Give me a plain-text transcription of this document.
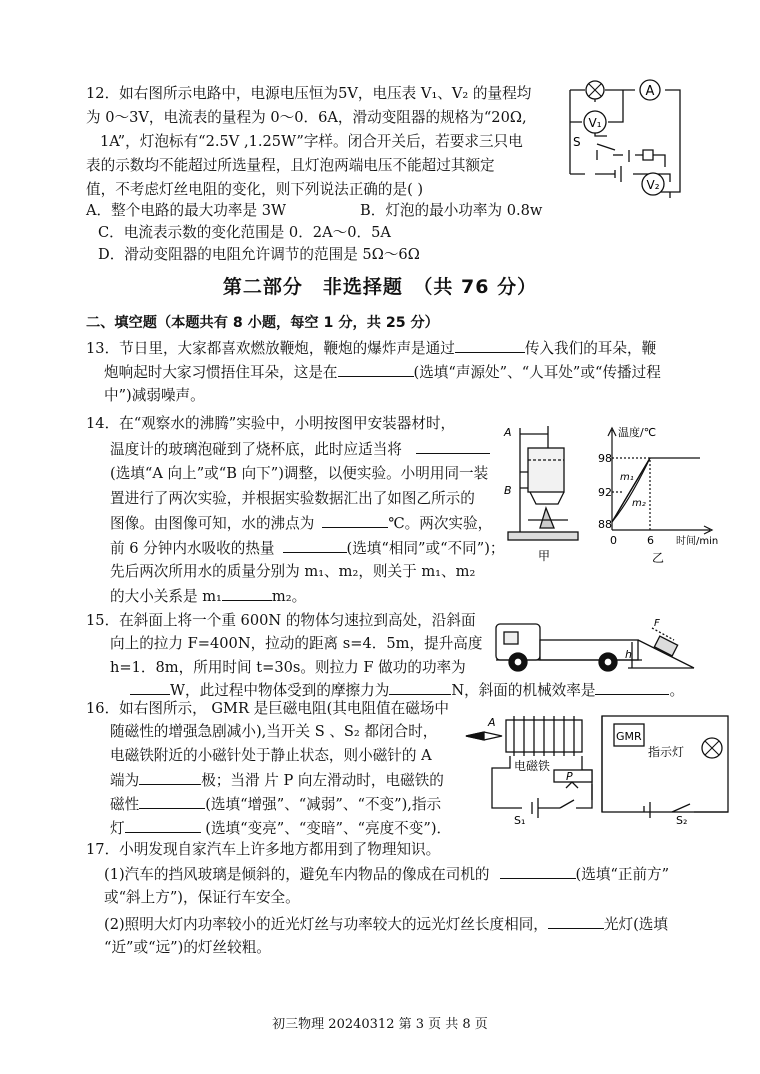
12．如右图所示电路中，电源电压恒为5V，电压表 V₁、V₂ 的量程均
为 0～3V，电流表的量程为 0～0．6A，滑动变阻器的规格为“20Ω,
1A”，灯泡标有“2.5V ,1.25W”字样。闭合开关后，若要求三只电
表的示数均不能超过所选量程，且灯泡两端电压不能超过其额定
值，不考虑灯丝电阻的变化，则下列说法正确的是( )
A．整个电路的最大功率是 3W	B．灯泡的最小功率为 0.8w
C．电流表示数的变化范围是 0．2A～0．5A
D．滑动变阻器的电阻允许调节的范围是 5Ω～6Ω
A
V₁
V₂
S
第二部分　非选择题　（共 76 分）
二、填空题（本题共有 8 小题，每空 1 分，共 25 分）
13．节日里，大家都喜欢燃放鞭炮，鞭炮的爆炸声是通过	传入我们的耳朵，鞭
炮响起时大家习惯捂住耳朵，这是在	(选填“声源处”、“人耳处”或“传播过程
中”)减弱噪声。
14．在“观察水的沸腾”实验中，小明按图甲安装器材时，
温度计的玻璃泡碰到了烧杯底，此时应适当将
(选填“A 向上”或“B 向下”)调整，以便实验。小明用同一装
置进行了两次实验，并根据实验数据汇出了如图乙所示的
图像。由图像可知，水的沸点为	℃。两次实验，
前 6 分钟内水吸收的热量	(选填“相同”或“不同”)；
先后两次所用水的质量分别为 m₁、m₂，则关于 m₁、m₂
的大小关系是 m₁	m₂。
A
B
甲
温度/℃
98
92
88
0	6 时间/min
m₁
m₂
乙
15．在斜面上将一个重 600N 的物体匀速拉到高处，沿斜面
向上的拉力 F=400N，拉动的距离 s=4．5m，提升高度
h=1．8m，所用时间 t=30s。则拉力 F 做功的功率为
W，此过程中物体受到的摩擦力为	N，斜面的机械效率是	。
h
F
16．如右图所示， GMR 是巨磁电阻(其电阻值在磁场中
随磁性的增强急剧减小),当开关 S 、S₂ 都闭合时，
电磁铁附近的小磁针处于静止状态，则小磁针的 A
端为	极；当滑 片 P 向左滑动时，电磁铁的
磁性	(选填“增强”、“减弱”、“不变”),指示
灯	(选填“变亮”、“变暗”、“亮度不变”)．
A
电磁铁
P
GMR
指示灯
S₁	S₂
17．小明发现自家汽车上许多地方都用到了物理知识。
(1)汽车的挡风玻璃是倾斜的，避免车内物品的像成在司机的	(选填“正前方”
或“斜上方”)，保证行车安全。
(2)照明大灯内功率较小的近光灯丝与功率较大的远光灯丝长度相同，	光灯(选填
“近”或“远”)的灯丝较粗。
初三物理 20240312 第 3 页 共 8 页
